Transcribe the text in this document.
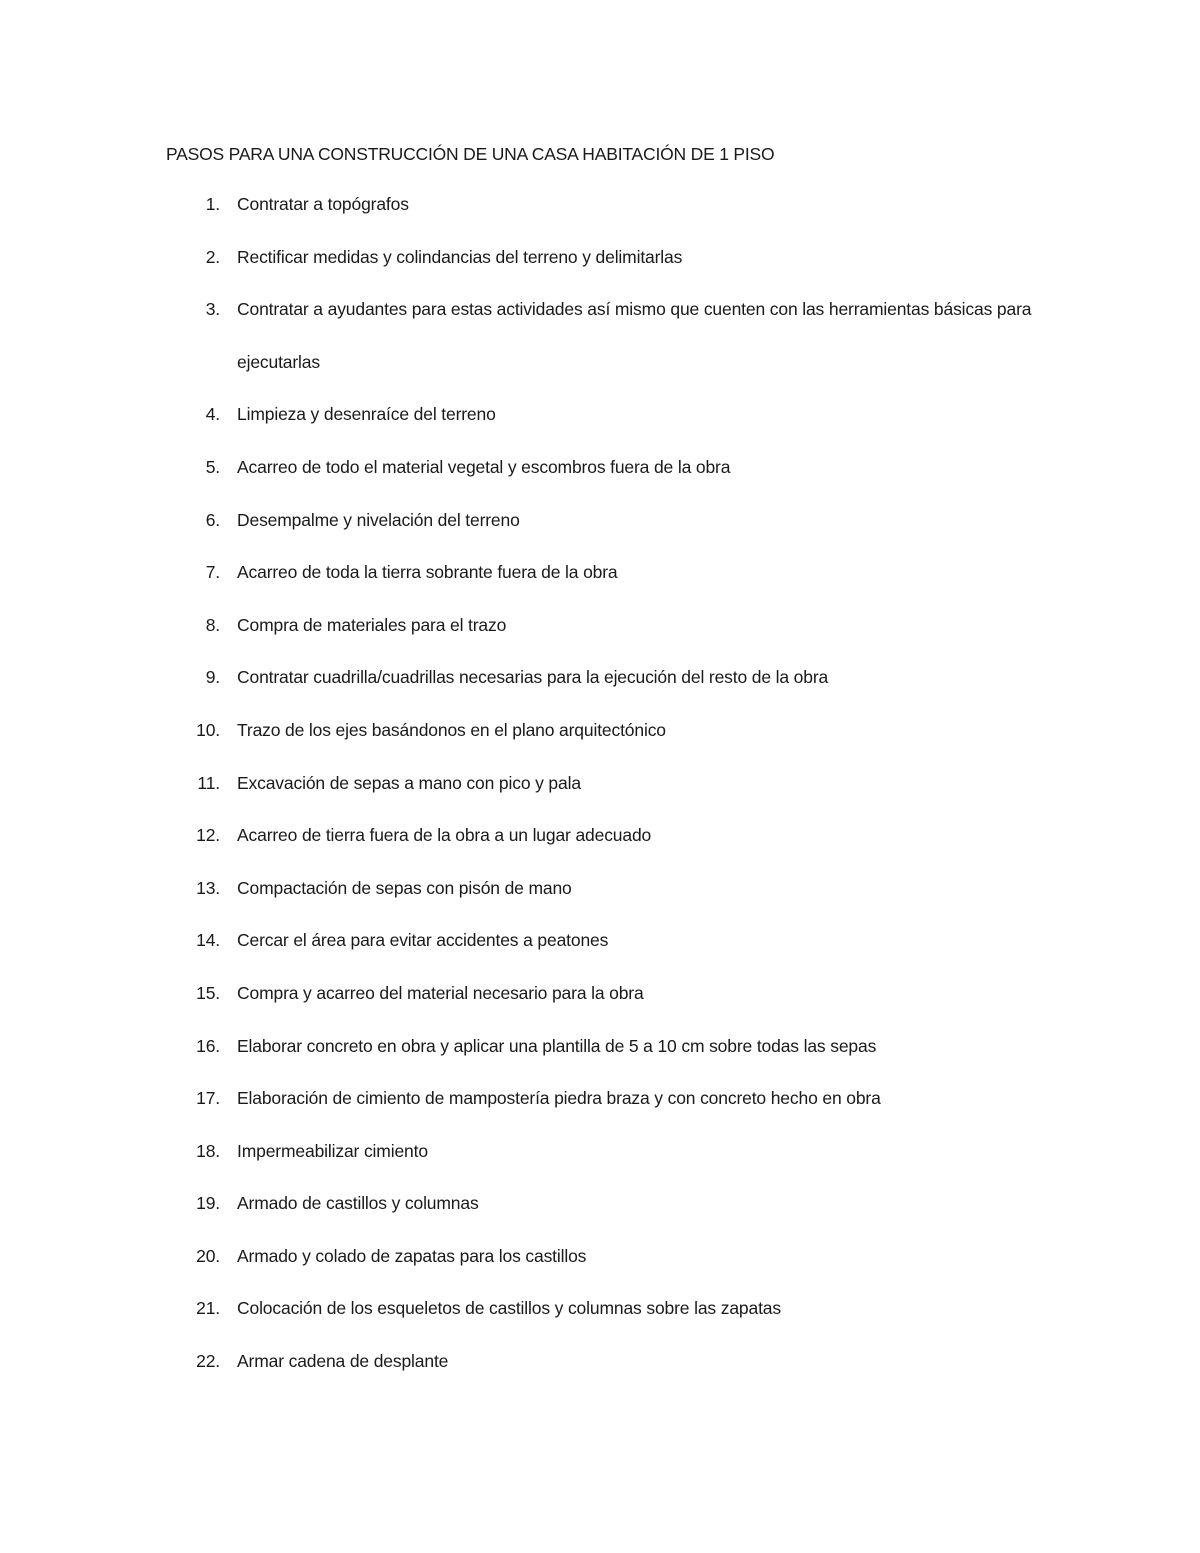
PASOS PARA UNA CONSTRUCCIÓN DE UNA CASA HABITACIÓN DE 1 PISO
1. Contratar a topógrafos
2. Rectificar medidas y colindancias del terreno y delimitarlas
3. Contratar a ayudantes para estas actividades así mismo que cuenten con las herramientas básicas para ejecutarlas
4. Limpieza y desenraíce del terreno
5. Acarreo de todo el material vegetal y escombros fuera de la obra
6. Desempalme y nivelación del terreno
7. Acarreo de toda la tierra sobrante fuera de la obra
8. Compra de materiales para el trazo
9. Contratar cuadrilla/cuadrillas necesarias para la ejecución del resto de la obra
10. Trazo de los ejes basándonos en el plano arquitectónico
11. Excavación de sepas a mano con pico y pala
12. Acarreo de tierra fuera de la obra a un lugar adecuado
13. Compactación de sepas con pisón de mano
14. Cercar el área para evitar accidentes a peatones
15. Compra y acarreo del material necesario para la obra
16. Elaborar concreto en obra y aplicar una plantilla de 5 a 10 cm sobre todas las sepas
17. Elaboración de cimiento de mampostería piedra braza y con concreto hecho en obra
18. Impermeabilizar cimiento
19. Armado de castillos y columnas
20. Armado y colado de zapatas para los castillos
21. Colocación de los esqueletos de castillos y columnas sobre las zapatas
22. Armar cadena de desplante
